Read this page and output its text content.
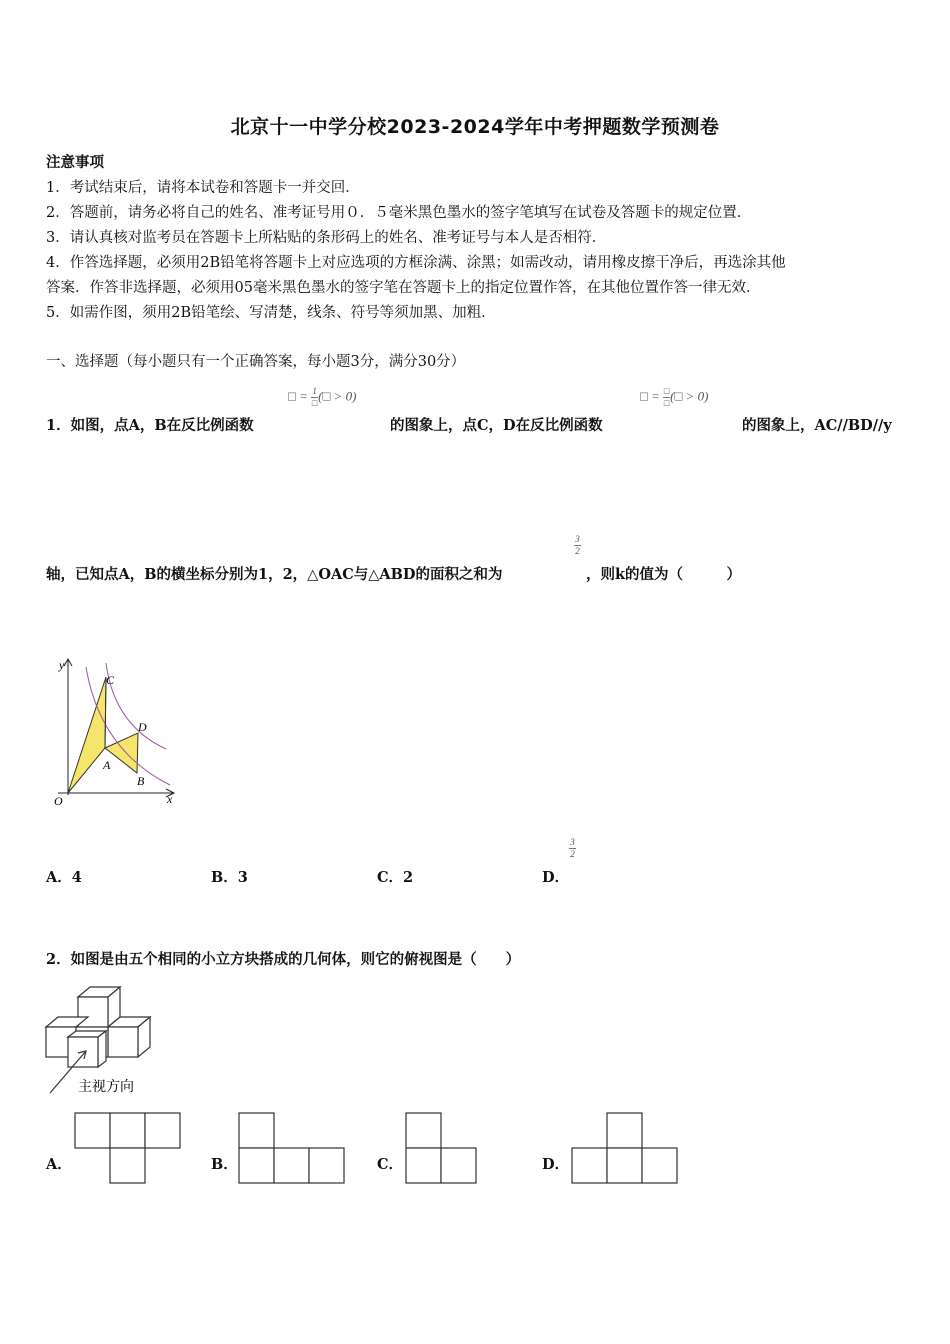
北京十一中学分校2023-2024学年中考押题数学预测卷
注意事项
1．考试结束后，请将本试卷和答题卡一并交回．
2．答题前，请务必将自己的姓名、准考证号用０．５毫米黑色墨水的签字笔填写在试卷及答题卡的规定位置．
3．请认真核对监考员在答题卡上所粘贴的条形码上的姓名、准考证号与本人是否相符．
4．作答选择题，必须用2B铅笔将答题卡上对应选项的方框涂满、涂黑；如需改动，请用橡皮擦干净后，再选涂其他
答案．作答非选择题，必须用05毫米黑色墨水的签字笔在答题卡上的指定位置作答，在其他位置作答一律无效．
5．如需作图，须用2B铅笔绘、写清楚，线条、符号等须加黑、加粗．
一、选择题（每小题只有一个正确答案，每小题3分，满分30分）
□ = $\frac{1}{□}(□ > 0)$	□ = $\frac{□}{□}(□ > 0)$
1．如图，点A，B在反比例函数	的图象上，点C，D在反比例函数	的图象上，AC//BD//y
3
2
轴，已知点A，B的横坐标分别为1，2，△OAC与△ABD的面积之和为	，则k的值为（　　　）
y
x
O
C
D
A
B
A．4	B．3	C．2	D．
3
2
2．如图是由五个相同的小立方块搭成的几何体，则它的俯视图是（　　）
主视方向
A．	B．	C．	D．
